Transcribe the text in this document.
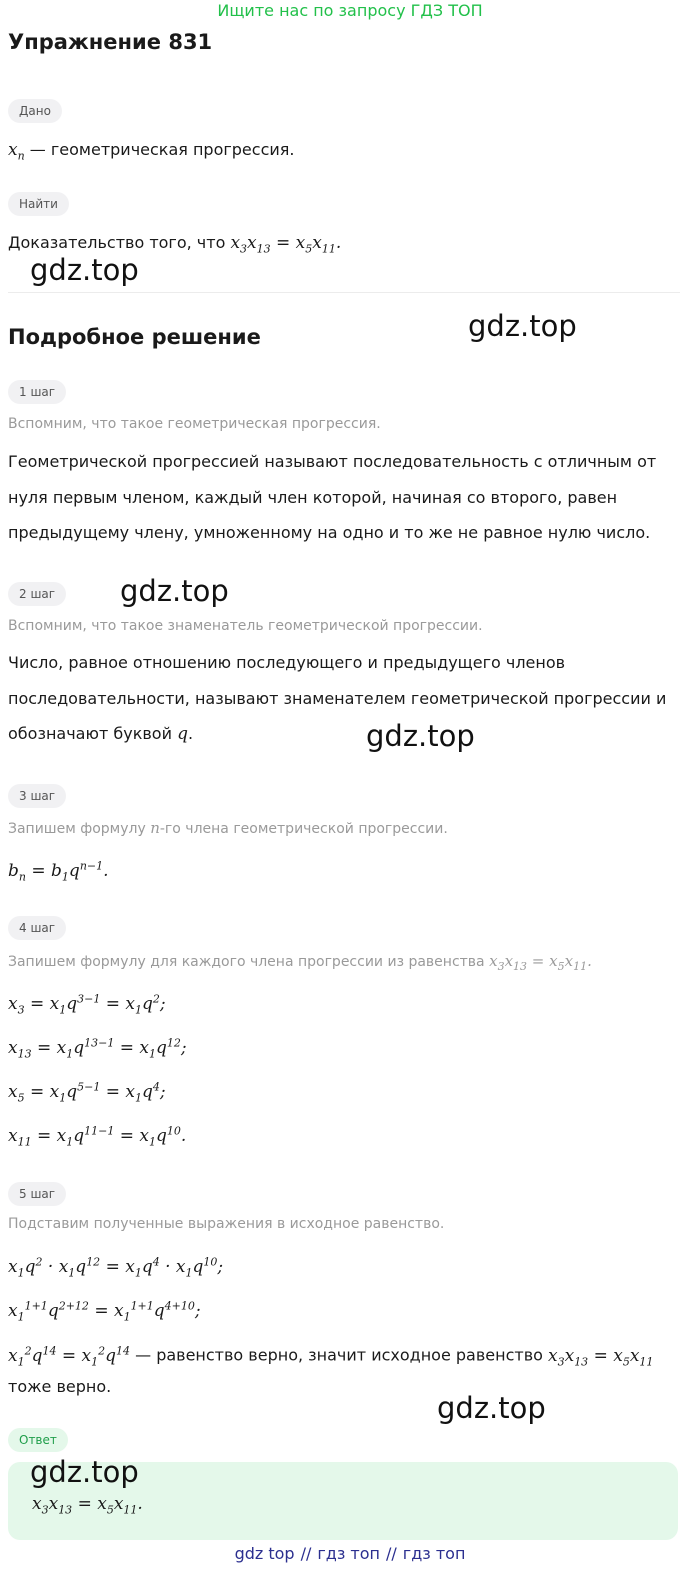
Ищите нас по запросу ГДЗ ТОП
Упражнение 831
Дано
$x_n$ — геометрическая прогрессия.
Найти
Доказательство того, что $x_3x_{13} = x_5x_{11}$.
Подробное решение
1 шаг
Вспомним, что такое геометрическая прогрессия.
Геометрической прогрессией называют последовательность с отличным от
нуля первым членом, каждый член которой, начиная со второго, равен
предыдущему члену, умноженному на одно и то же не равное нулю число.
2 шаг
Вспомним, что такое знаменатель геометрической прогрессии.
Число, равное отношению последующего и предыдущего членов
последовательности, называют знаменателем геометрической прогрессии и
обозначают буквой q.
3 шаг
Запишем формулу n-го члена геометрической прогрессии.
$b_n = b_1q^{n-1}$.
4 шаг
Запишем формулу для каждого члена прогрессии из равенства $x_3x_{13} = x_5x_{11}$.
$x_3 = x_1q^{3-1} = x_1q^2$;
$x_{13} = x_1q^{13-1} = x_1q^{12}$;
$x_5 = x_1q^{5-1} = x_1q^4$;
$x_{11} = x_1q^{11-1} = x_1q^{10}$.
5 шаг
Подставим полученные выражения в исходное равенство.
$x_1q^2 \cdot x_1q^{12} = x_1q^4 \cdot x_1q^{10}$;
$x_1^{1+1}q^{2+12} = x_1^{1+1}q^{4+10}$;
$x_1^2q^{14} = x_1^2q^{14}$ — равенство верно, значит исходное равенство $x_3x_{13} = x_5x_{11}$
тоже верно.
Ответ
$x_3x_{13} = x_5x_{11}$.
gdz.top
gdz.top
gdz.top
gdz.top
gdz.top
gdz.top
gdz top // гдз топ // гдз топ
